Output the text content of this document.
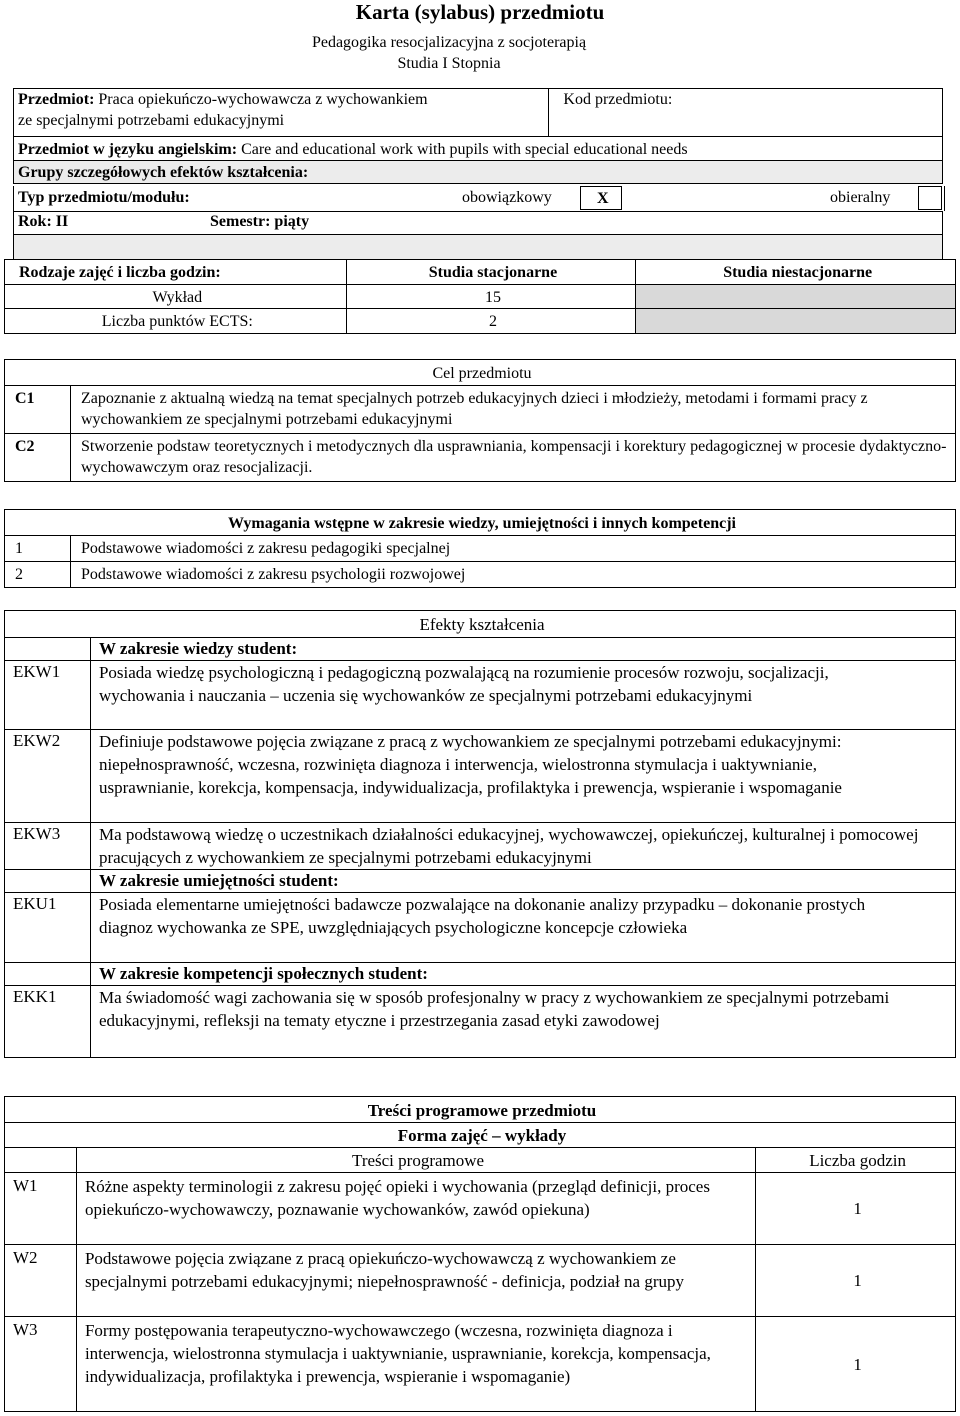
Karta (sylabus) przedmiotu
Pedagogika resocjalizacyjna z socjoterapią
Studia I Stopnia
Przedmiot: Praca opiekuńczo-wychowawcza z wychowankiem
ze specjalnymi potrzebami edukacyjnymi	Kod przedmiotu:
Przedmiot w języku angielskim: Care and educational work with pupils with special educational needs
Grupy szczegółowych efektów kształcenia:
Typ przedmiotu/modułu:	obowiązkowy	X	obieralny
Rok: II	Semestr: piąty
Rodzaje zajęć i liczba godzin:	Studia stacjonarne	Studia niestacjonarne
Wykład	15	
Liczba punktów ECTS:	2	
Cel przedmiotu	
C1	Zapoznanie z aktualną wiedzą na temat specjalnych potrzeb edukacyjnych dzieci i młodzieży, metodami i formami pracy z wychowankiem ze specjalnymi potrzebami edukacyjnymi
C2	Stworzenie podstaw teoretycznych i metodycznych dla usprawniania, kompensacji i korektury pedagogicznej w procesie dydaktyczno-wychowawczym oraz resocjalizacji.
Wymagania wstępne w zakresie wiedzy, umiejętności i innych kompetencji	
1	Podstawowe wiadomości z zakresu pedagogiki specjalnej
2	Podstawowe wiadomości z zakresu psychologii rozwojowej
Efekty kształcenia	
	W zakresie wiedzy student:
EKW1	Posiada wiedzę psychologiczną i pedagogiczną pozwalającą na rozumienie procesów rozwoju, socjalizacji, wychowania i nauczania – uczenia się wychowanków ze specjalnymi potrzebami edukacyjnymi
EKW2	Definiuje podstawowe pojęcia związane z pracą z wychowankiem ze specjalnymi potrzebami edukacyjnymi: niepełnosprawność, wczesna, rozwinięta diagnoza i interwencja, wielostronna stymulacja i uaktywnianie, usprawnianie, korekcja, kompensacja, indywidualizacja, profilaktyka i prewencja, wspieranie i wspomaganie
EKW3	Ma podstawową wiedzę o uczestnikach działalności edukacyjnej, wychowawczej, opiekuńczej, kulturalnej i pomocowej pracujących z wychowankiem ze specjalnymi potrzebami edukacyjnymi
	W zakresie umiejętności student:
EKU1	Posiada elementarne umiejętności badawcze pozwalające na dokonanie analizy przypadku – dokonanie prostych diagnoz wychowanka ze SPE, uwzględniających psychologiczne koncepcje człowieka
	W zakresie kompetencji społecznych student:
EKK1	Ma świadomość wagi zachowania się w sposób profesjonalny w pracy z wychowankiem ze specjalnymi potrzebami edukacyjnymi, refleksji na tematy etyczne i przestrzegania zasad etyki zawodowej
Treści programowe przedmiotu		
Forma zajęć – wykłady		
	Treści programowe	Liczba godzin
W1	Różne aspekty terminologii z zakresu pojęć opieki i wychowania (przegląd definicji, proces opiekuńczo-wychowawczy, poznawanie wychowanków, zawód opiekuna)	1
W2	Podstawowe pojęcia związane z pracą opiekuńczo-wychowawczą z wychowankiem ze specjalnymi potrzebami edukacyjnymi; niepełnosprawność - definicja, podział na grupy	1
W3	Formy postępowania terapeutyczno-wychowawczego (wczesna, rozwinięta diagnoza i interwencja, wielostronna stymulacja i uaktywnianie, usprawnianie, korekcja, kompensacja, indywidualizacja, profilaktyka i prewencja, wspieranie i wspomaganie)	1
